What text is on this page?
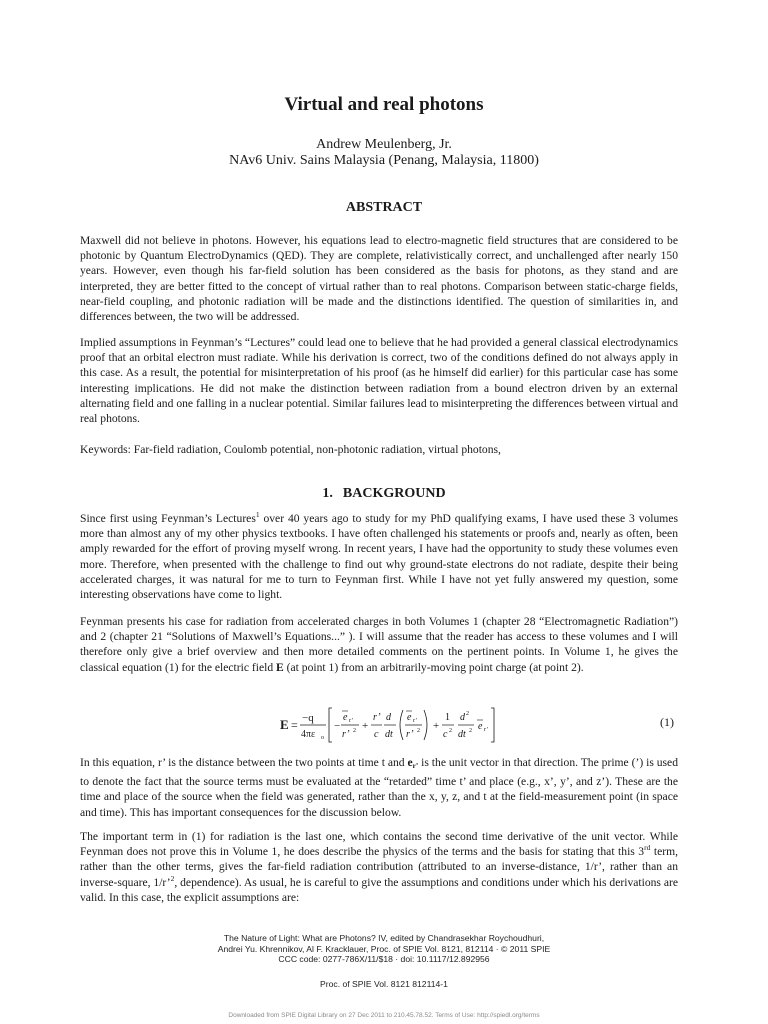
Virtual and real photons
Andrew Meulenberg, Jr.
NAv6 Univ. Sains Malaysia (Penang, Malaysia, 11800)
ABSTRACT

Maxwell did not believe in photons. However, his equations lead to electro-magnetic field structures that are considered to be photonic by Quantum ElectroDynamics (QED). They are complete, relativistically correct, and unchallenged after nearly 150 years. However, even though his far-field solution has been considered as the basis for photons, as they stand and are interpreted, they are better fitted to the concept of virtual rather than to real photons. Comparison between static-charge fields, near-field coupling, and photonic radiation will be made and the distinctions identified. The question of similarities in, and differences between, the two will be addressed.

Implied assumptions in Feynman’s “Lectures” could lead one to believe that he had provided a general classical electrodynamics proof that an orbital electron must radiate. While his derivation is correct, two of the conditions defined do not always apply in this case. As a result, the potential for misinterpretation of his proof (as he himself did earlier) for this particular case has some interesting implications. He did not make the distinction between radiation from a bound electron driven by an external alternating field and one falling in a nuclear potential. Similar failures lead to misinterpreting the differences between virtual and real photons.

Keywords: Far-field radiation, Coulomb potential, non-photonic radiation, virtual photons,

1. BACKGROUND

Since first using Feynman’s Lectures$^1$ over 40 years ago to study for my PhD qualifying exams, I have used these 3 volumes more than almost any of my other physics textbooks. I have often challenged his statements or proofs and, nearly as often, been amply rewarded for the effort of proving myself wrong. In recent years, I have had the opportunity to study these volumes even more. Therefore, when presented with the challenge to find out why ground-state electrons do not radiate, despite their being accelerated charges, it was natural for me to turn to Feynman first. While I have not yet fully answered my question, some interesting observations have come to light.

Feynman presents his case for radiation from accelerated charges in both Volumes 1 (chapter 28 “Electromagnetic Radiation”) and 2 (chapter 21 “Solutions of Maxwell’s Equations...” ). I will assume that the reader has access to these volumes and I will therefore only give a brief overview and then more detailed comments on the pertinent points. In Volume 1, he gives the classical equation (1) for the electric field E (at point 1) from an arbitrarily-moving point charge (at point 2).

E = −q
4πε o
−
e r’
r’ 2 +
r’
c
d
dt
e r’
r’ 2 +
1
c 2
d 2
dt 2 e r’
(1)

In this equation, r’ is the distance between the two points at time t and er’ is the unit vector in that direction. The prime (’) is used to denote the fact that the source terms must be evaluated at the “retarded” time t’ and place (e.g., x’, y’, and z’). These are the time and place of the source when the field was generated, rather than the x, y, z, and t at the field-measurement point (in space and time). This has important consequences for the discussion below.

The important term in (1) for radiation is the last one, which contains the second time derivative of the unit vector. While Feynman does not prove this in Volume 1, he does describe the physics of the terms and the basis for stating that this 3rd term, rather than the other terms, gives the far-field radiation contribution (attributed to an inverse-distance, 1/r’, rather than an inverse-square, 1/r’$^2$, dependence). As usual, he is careful to give the assumptions and conditions under which his derivations are valid. In this case, the explicit assumptions are:

The Nature of Light: What are Photons? IV, edited by Chandrasekhar Roychoudhuri,
Andrei Yu. Khrennikov, Al F. Kracklauer, Proc. of SPIE Vol. 8121, 812114 · © 2011 SPIE
CCC code: 0277-786X/11/$18 · doi: 10.1117/12.892956
Proc. of SPIE Vol. 8121 812114-1
Downloaded from SPIE Digital Library on 27 Dec 2011 to 210.45.78.52. Terms of Use: http://spiedl.org/terms
